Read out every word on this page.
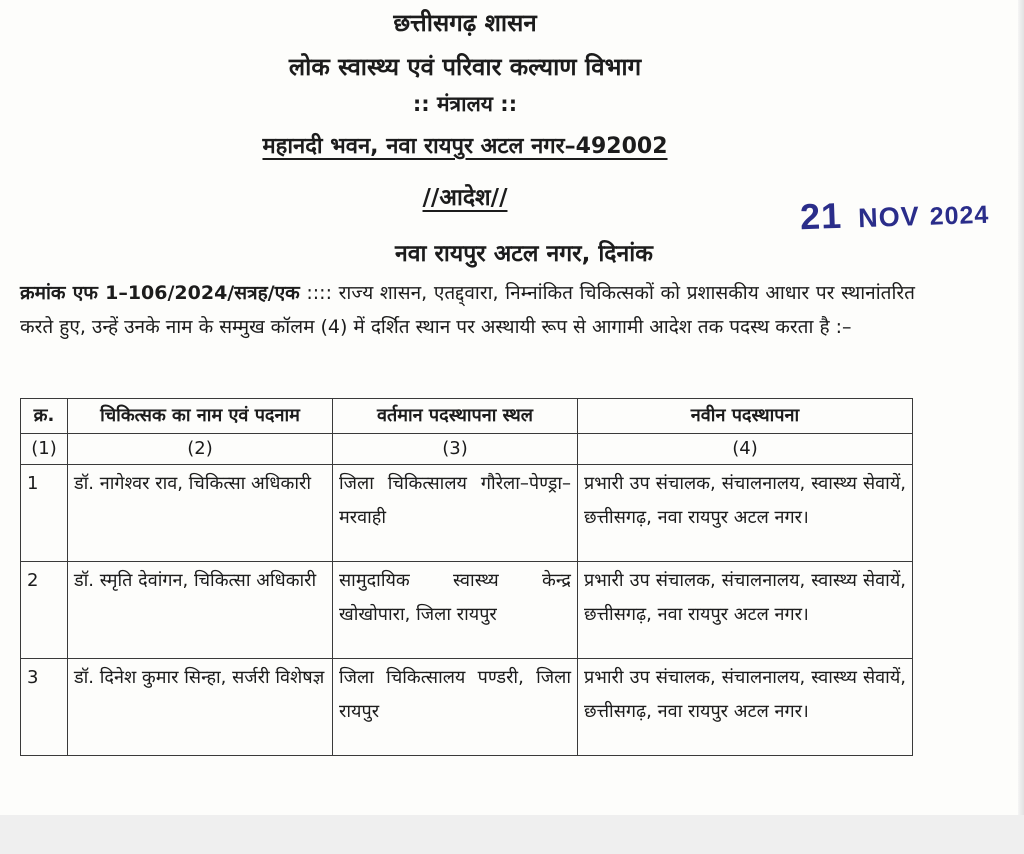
छत्तीसगढ़ शासन
लोक स्वास्थ्य एवं परिवार कल्याण विभाग
:: मंत्रालय ::
महानदी भवन, नवा रायपुर अटल नगर–492002
//आदेश//	21 NOV 2024
नवा रायपुर अटल नगर, दिनांक
क्रमांक एफ 1–106/2024/सत्रह/एक :::: राज्य शासन, एतद्द्वारा, निम्नांकित चिकित्सकों को प्रशासकीय आधार पर स्थानांतरित करते हुए, उन्हें उनके नाम के सम्मुख कॉलम (4) में दर्शित स्थान पर अस्थायी रूप से आगामी आदेश तक पदस्थ करता है :–
क्र.	चिकित्सक का नाम एवं पदनाम	वर्तमान पदस्थापना स्थल	नवीन पदस्थापना
(1)	(2)	(3)	(4)
1	डॉ. नागेश्वर राव, चिकित्सा अधिकारी	जिला चिकित्सालय गौरेला–पेण्ड्रा–मरवाही	प्रभारी उप संचालक, संचालनालय, स्वास्थ्य सेवायें, छत्तीसगढ़, नवा रायपुर अटल नगर।
2	डॉ. स्मृति देवांगन, चिकित्सा अधिकारी	सामुदायिक स्वास्थ्य केन्द्र खोखोपारा, जिला रायपुर	प्रभारी उप संचालक, संचालनालय, स्वास्थ्य सेवायें, छत्तीसगढ़, नवा रायपुर अटल नगर।
3	डॉ. दिनेश कुमार सिन्हा, सर्जरी विशेषज्ञ	जिला चिकित्सालय पण्डरी, जिला रायपुर	प्रभारी उप संचालक, संचालनालय, स्वास्थ्य सेवायें, छत्तीसगढ़, नवा रायपुर अटल नगर।
